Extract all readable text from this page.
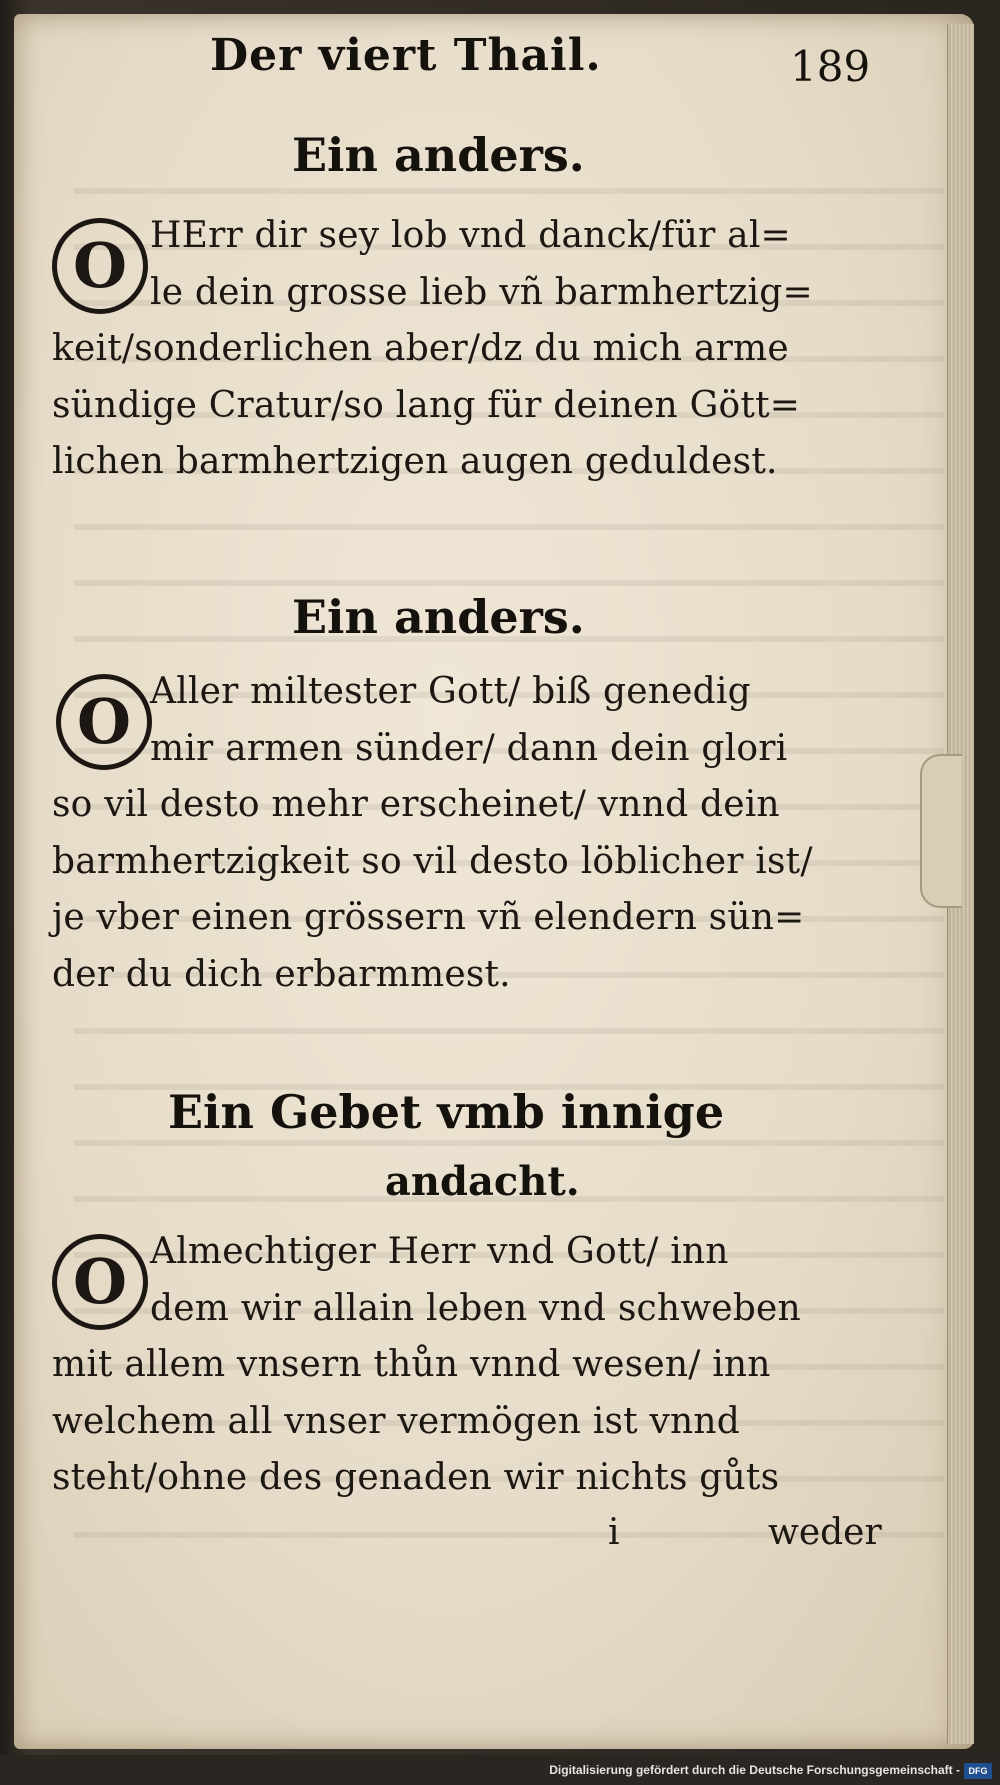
Der viert Thail.	189
Ein anders.
O HErr dir sey lob vnd danck/für al=
le dein grosse lieb vñ barmhertzig=
keit/sonderlichen aber/dz du mich arme
sündige Cratur/so lang für deinen Gött=
lichen barmhertzigen augen geduldest.
Ein anders.
O Aller miltester Gott/ biß genedig
mir armen sünder/ dann dein glori
so vil desto mehr erscheinet/ vnnd dein
barmhertzigkeit so vil desto löblicher ist/
je vber einen grössern vñ elendern sün=
der du dich erbarmmest.
Ein Gebet vmb innige
andacht.
O Almechtiger Herr vnd Gott/ inn
dem wir allain leben vnd schweben
mit allem vnsern thůn vnnd wesen/ inn
welchem all vnser vermögen ist vnnd
steht/ohne des genaden wir nichts gůts
i	weder
Digitalisierung gefördert durch die Deutsche Forschungsgemeinschaft - DFG
